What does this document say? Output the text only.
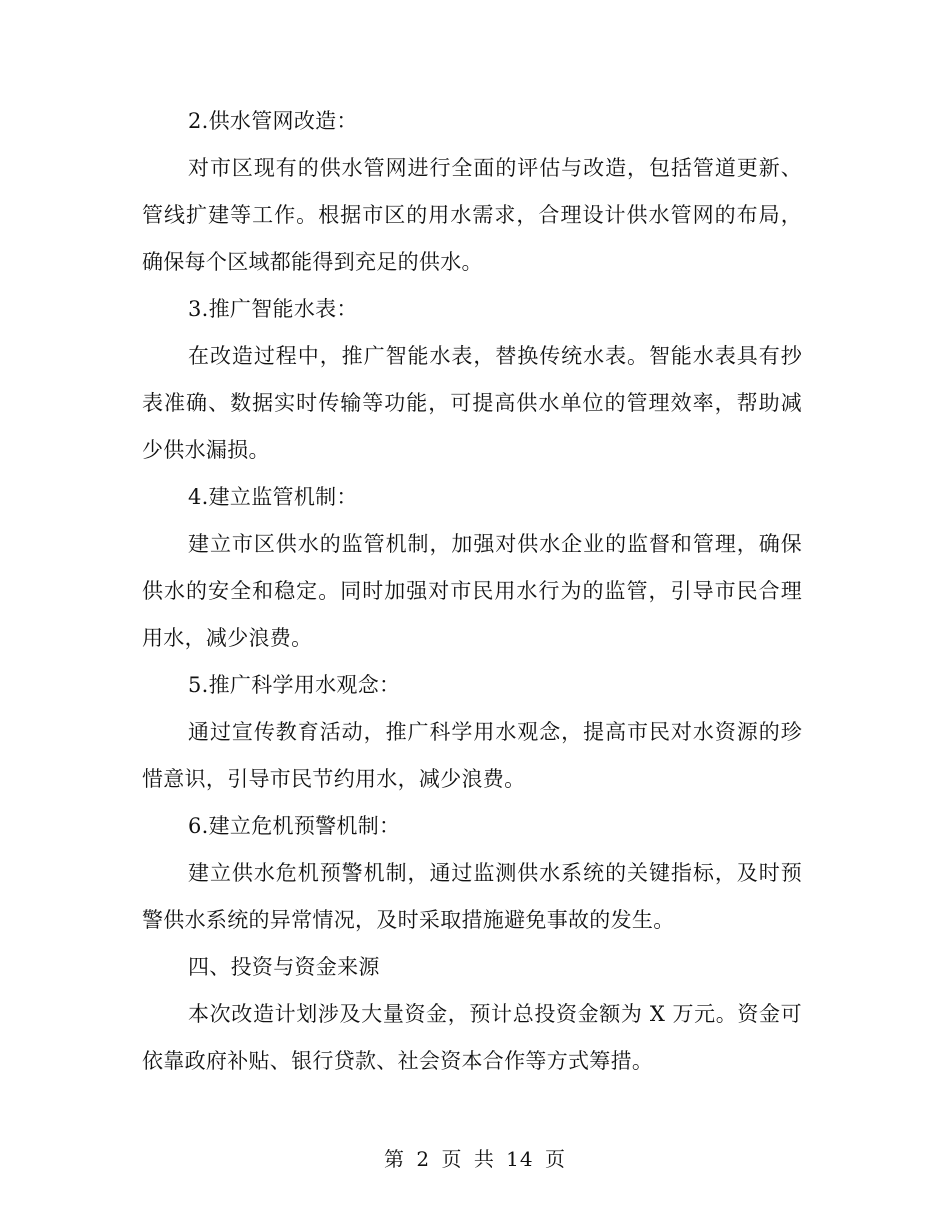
2.供水管网改造：

对市区现有的供水管网进行全面的评估与改造，包括管道更新、管线扩建等工作。根据市区的用水需求，合理设计供水管网的布局，确保每个区域都能得到充足的供水。

3.推广智能水表：

在改造过程中，推广智能水表，替换传统水表。智能水表具有抄表准确、数据实时传输等功能，可提高供水单位的管理效率，帮助减少供水漏损。

4.建立监管机制：

建立市区供水的监管机制，加强对供水企业的监督和管理，确保供水的安全和稳定。同时加强对市民用水行为的监管，引导市民合理用水，减少浪费。

5.推广科学用水观念：

通过宣传教育活动，推广科学用水观念，提高市民对水资源的珍惜意识，引导市民节约用水，减少浪费。

6.建立危机预警机制：

建立供水危机预警机制，通过监测供水系统的关键指标，及时预警供水系统的异常情况，及时采取措施避免事故的发生。

四、投资与资金来源

本次改造计划涉及大量资金，预计总投资金额为 X 万元。资金可依靠政府补贴、银行贷款、社会资本合作等方式筹措。

第 2 页 共 14 页
